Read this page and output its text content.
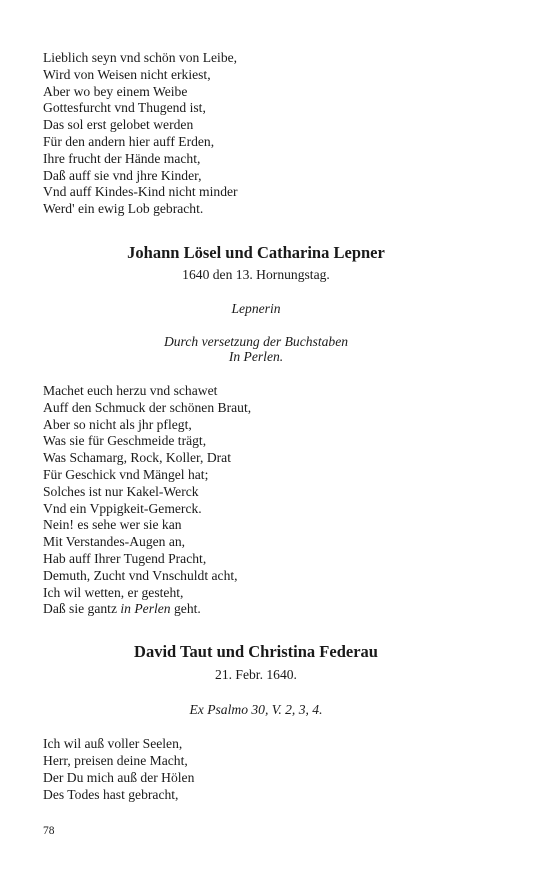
Lieblich seyn vnd schön von Leibe,
Wird von Weisen nicht erkiest,
Aber wo bey einem Weibe
Gottesfurcht vnd Thugend ist,
Das sol erst gelobet werden
Für den andern hier auff Erden,
Ihre frucht der Hände macht,
Daß auff sie vnd jhre Kinder,
Vnd auff Kindes-Kind nicht minder
Werd' ein ewig Lob gebracht.
Johann Lösel und Catharina Lepner
1640 den 13. Hornungstag.
Lepnerin
Durch versetzung der Buchstaben
In Perlen.
Machet euch herzu vnd schawet
Auff den Schmuck der schönen Braut,
Aber so nicht als jhr pflegt,
Was sie für Geschmeide trägt,
Was Schamarg, Rock, Koller, Drat
Für Geschick vnd Mängel hat;
Solches ist nur Kakel-Werck
Vnd ein Vppigkeit-Gemerck.
Nein! es sehe wer sie kan
Mit Verstandes-Augen an,
Hab auff Ihrer Tugend Pracht,
Demuth, Zucht vnd Vnschuldt acht,
Ich wil wetten, er gesteht,
Daß sie gantz in Perlen geht.
David Taut und Christina Federau
21. Febr. 1640.
Ex Psalmo 30, V. 2, 3, 4.
Ich wil auß voller Seelen,
Herr, preisen deine Macht,
Der Du mich auß der Hölen
Des Todes hast gebracht,
78
